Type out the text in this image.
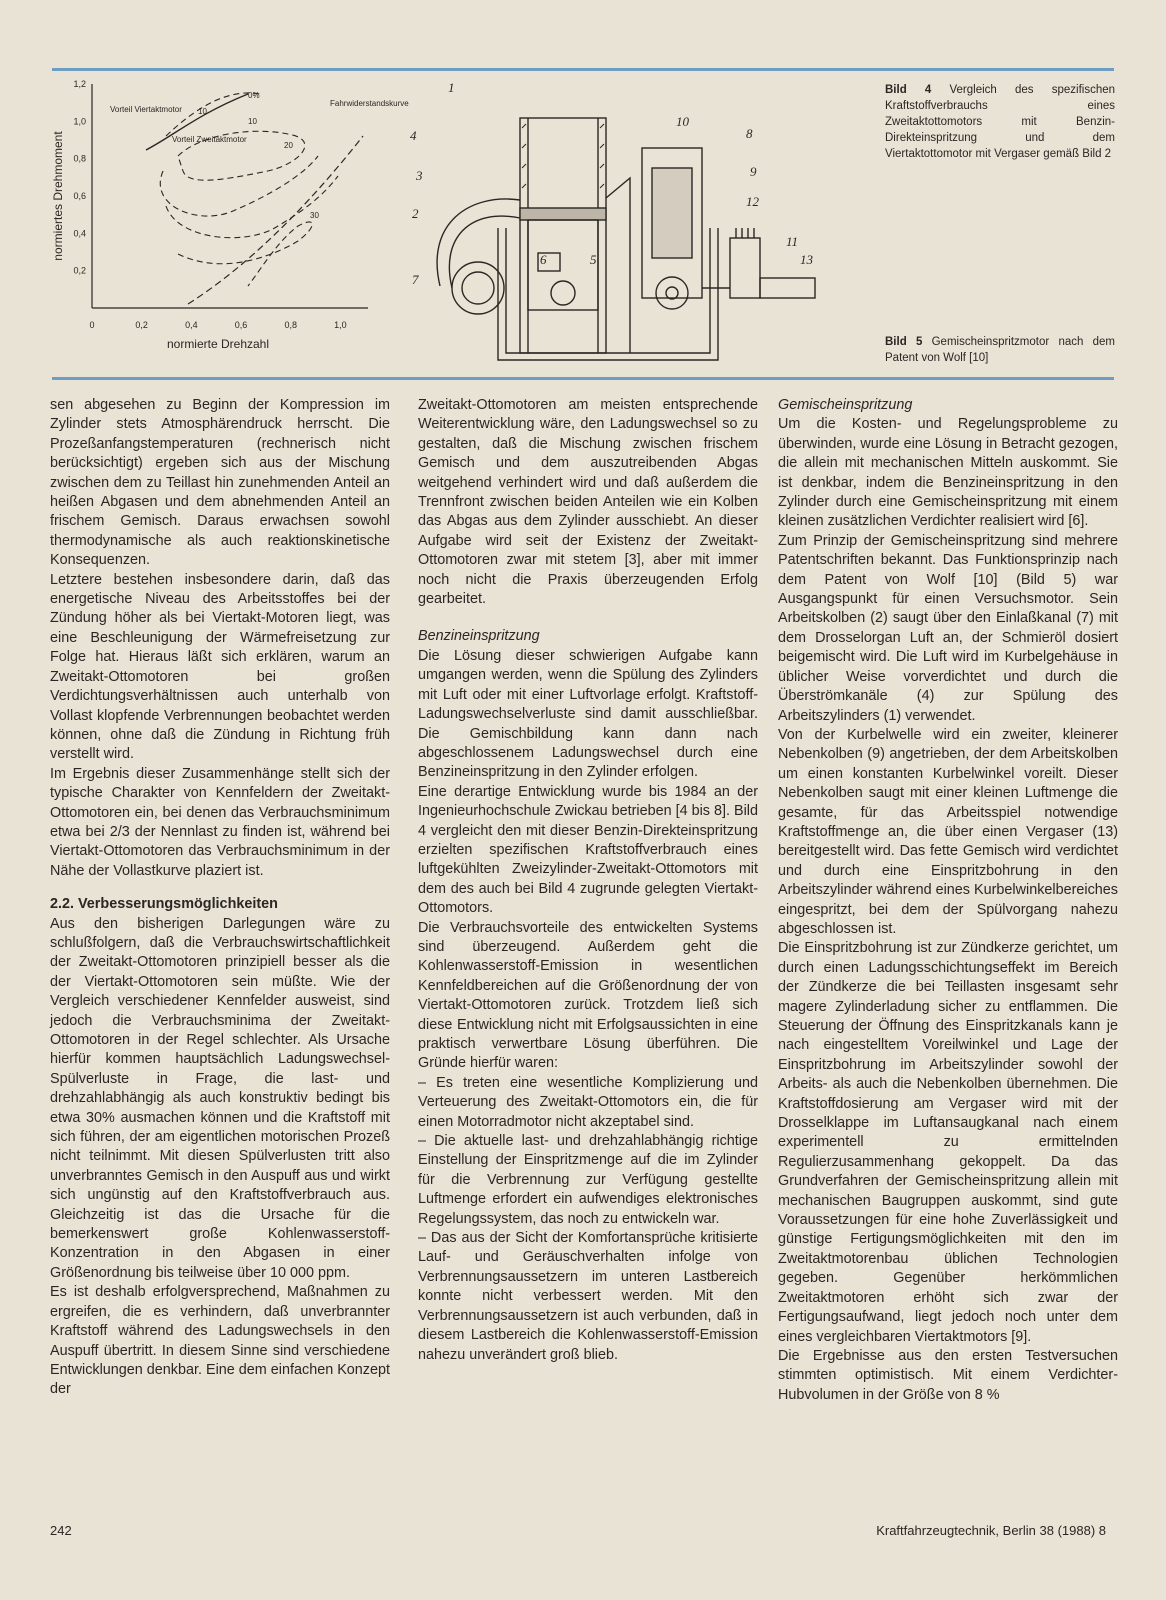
0	0,2	0,4	0,6	0,8	1,0
0,2
0,4
0,6
0,8
1,0
1,2
normiertes Drehmoment
normierte Drehzahl
Vorteil Viertaktmotor
Vorteil Zweitaktmotor
Fahrwiderstandskurve
0%
10
10
20
30
1
2
3
4
5
6
7
8
9
10
11
12
13
Bild 4 Vergleich des spezifischen Kraftstoffverbrauchs eines Zweitaktottomotors mit Benzin-Direkteinspritzung und dem Viertaktottomotor mit Vergaser gemäß Bild 2
Bild 5 Gemischeinspritzmotor nach dem Patent von Wolf [10]

sen abgesehen zu Beginn der Kompression im Zylinder stets Atmosphärendruck herrscht. Die Prozeßanfangstemperaturen (rechnerisch nicht berücksichtigt) ergeben sich aus der Mischung zwischen dem zu Teillast hin zunehmenden Anteil an heißen Abgasen und dem abnehmenden Anteil an frischem Gemisch. Daraus erwachsen sowohl thermodynamische als auch reaktionskinetische Konsequenzen.

Letztere bestehen insbesondere darin, daß das energetische Niveau des Arbeitsstoffes bei der Zündung höher als bei Viertakt-Motoren liegt, was eine Beschleunigung der Wärmefreisetzung zur Folge hat. Hieraus läßt sich erklären, warum an Zweitakt-Ottomotoren bei großen Verdichtungsverhältnissen auch unterhalb von Vollast klopfende Verbrennungen beobachtet werden können, ohne daß die Zündung in Richtung früh verstellt wird.

Im Ergebnis dieser Zusammenhänge stellt sich der typische Charakter von Kennfeldern der Zweitakt-Ottomotoren ein, bei denen das Verbrauchsminimum etwa bei 2/3 der Nennlast zu finden ist, während bei Viertakt-Ottomotoren das Verbrauchsminimum in der Nähe der Vollastkurve plaziert ist.

2.2. Verbesserungsmöglichkeiten

Aus den bisherigen Darlegungen wäre zu schlußfolgern, daß die Verbrauchswirtschaftlichkeit der Zweitakt-Ottomotoren prinzipiell besser als die der Viertakt-Ottomotoren sein müßte. Wie der Vergleich verschiedener Kennfelder ausweist, sind jedoch die Verbrauchsminima der Zweitakt-Ottomotoren in der Regel schlechter. Als Ursache hierfür kommen hauptsächlich Ladungswechsel-Spülverluste in Frage, die last- und drehzahlabhängig als auch konstruktiv bedingt bis etwa 30% ausmachen können und die Kraftstoff mit sich führen, der am eigentlichen motorischen Prozeß nicht teilnimmt. Mit diesen Spülverlusten tritt also unverbranntes Gemisch in den Auspuff aus und wirkt sich ungünstig auf den Kraftstoffverbrauch aus. Gleichzeitig ist das die Ursache für die bemerkenswert große Kohlenwasserstoff-Konzentration in den Abgasen in einer Größenordnung bis teilweise über 10 000 ppm.

Es ist deshalb erfolgversprechend, Maßnahmen zu ergreifen, die es verhindern, daß unverbrannter Kraftstoff während des Ladungswechsels in den Auspuff übertritt. In diesem Sinne sind verschiedene Entwicklungen denkbar. Eine dem einfachen Konzept der

Zweitakt-Ottomotoren am meisten entsprechende Weiterentwicklung wäre, den Ladungswechsel so zu gestalten, daß die Mischung zwischen frischem Gemisch und dem auszutreibenden Abgas weitgehend verhindert wird und daß außerdem die Trennfront zwischen beiden Anteilen wie ein Kolben das Abgas aus dem Zylinder ausschiebt. An dieser Aufgabe wird seit der Existenz der Zweitakt-Ottomotoren zwar mit stetem [3], aber mit immer noch nicht die Praxis überzeugenden Erfolg gearbeitet.

Benzineinspritzung

Die Lösung dieser schwierigen Aufgabe kann umgangen werden, wenn die Spülung des Zylinders mit Luft oder mit einer Luftvorlage erfolgt. Kraftstoff-Ladungswechselverluste sind damit ausschließbar. Die Gemischbildung kann dann nach abgeschlossenem Ladungswechsel durch eine Benzineinspritzung in den Zylinder erfolgen.

Eine derartige Entwicklung wurde bis 1984 an der Ingenieurhochschule Zwickau betrieben [4 bis 8]. Bild 4 vergleicht den mit dieser Benzin-Direkteinspritzung erzielten spezifischen Kraftstoffverbrauch eines luftgekühlten Zweizylinder-Zweitakt-Ottomotors mit dem des auch bei Bild 4 zugrunde gelegten Viertakt-Ottomotors.

Die Verbrauchsvorteile des entwickelten Systems sind überzeugend. Außerdem geht die Kohlenwasserstoff-Emission in wesentlichen Kennfeldbereichen auf die Größenordnung der von Viertakt-Ottomotoren zurück. Trotzdem ließ sich diese Entwicklung nicht mit Erfolgsaussichten in eine praktisch verwertbare Lösung überführen. Die Gründe hierfür waren:

– Es treten eine wesentliche Komplizierung und Verteuerung des Zweitakt-Ottomotors ein, die für einen Motorradmotor nicht akzeptabel sind.

– Die aktuelle last- und drehzahlabhängig richtige Einstellung der Einspritzmenge auf die im Zylinder für die Verbrennung zur Verfügung gestellte Luftmenge erfordert ein aufwendiges elektronisches Regelungssystem, das noch zu entwickeln war.

– Das aus der Sicht der Komfortansprüche kritisierte Lauf- und Geräuschverhalten infolge von Verbrennungsaussetzern im unteren Lastbereich konnte nicht verbessert werden. Mit den Verbrennungsaussetzern ist auch verbunden, daß in diesem Lastbereich die Kohlenwasserstoff-Emission nahezu unverändert groß blieb.

Gemischeinspritzung

Um die Kosten- und Regelungsprobleme zu überwinden, wurde eine Lösung in Betracht gezogen, die allein mit mechanischen Mitteln auskommt. Sie ist denkbar, indem die Benzineinspritzung in den Zylinder durch eine Gemischeinspritzung mit einem kleinen zusätzlichen Verdichter realisiert wird [6].

Zum Prinzip der Gemischeinspritzung sind mehrere Patentschriften bekannt. Das Funktionsprinzip nach dem Patent von Wolf [10] (Bild 5) war Ausgangspunkt für einen Versuchsmotor. Sein Arbeitskolben (2) saugt über den Einlaßkanal (7) mit dem Drosselorgan Luft an, der Schmieröl dosiert beigemischt wird. Die Luft wird im Kurbelgehäuse in üblicher Weise vorverdichtet und durch die Überströmkanäle (4) zur Spülung des Arbeitszylinders (1) verwendet.

Von der Kurbelwelle wird ein zweiter, kleinerer Nebenkolben (9) angetrieben, der dem Arbeitskolben um einen konstanten Kurbelwinkel voreilt. Dieser Nebenkolben saugt mit einer kleinen Luftmenge die gesamte, für das Arbeitsspiel notwendige Kraftstoffmenge an, die über einen Vergaser (13) bereitgestellt wird. Das fette Gemisch wird verdichtet und durch eine Einspritzbohrung in den Arbeitszylinder während eines Kurbelwinkelbereiches eingespritzt, bei dem der Spülvorgang nahezu abgeschlossen ist.

Die Einspritzbohrung ist zur Zündkerze gerichtet, um durch einen Ladungsschichtungseffekt im Bereich der Zündkerze die bei Teillasten insgesamt sehr magere Zylinderladung sicher zu entflammen. Die Steuerung der Öffnung des Einspritzkanals kann je nach eingestelltem Voreilwinkel und Lage der Einspritzbohrung im Arbeitszylinder sowohl der Arbeits- als auch die Nebenkolben übernehmen. Die Kraftstoffdosierung am Vergaser wird mit der Drosselklappe im Luftansaugkanal nach einem experimentell zu ermittelnden Regulierzusammenhang gekoppelt. Da das Grundverfahren der Gemischeinspritzung allein mit mechanischen Baugruppen auskommt, sind gute Voraussetzungen für eine hohe Zuverlässigkeit und günstige Fertigungsmöglichkeiten mit den im Zweitaktmotorenbau üblichen Technologien gegeben. Gegenüber herkömmlichen Zweitaktmotoren erhöht sich zwar der Fertigungsaufwand, liegt jedoch noch unter dem eines vergleichbaren Viertaktmotors [9].

Die Ergebnisse aus den ersten Testversuchen stimmten optimistisch. Mit einem Verdichter-Hubvolumen in der Größe von 8 %

242	Kraftfahrzeugtechnik, Berlin 38 (1988) 8
